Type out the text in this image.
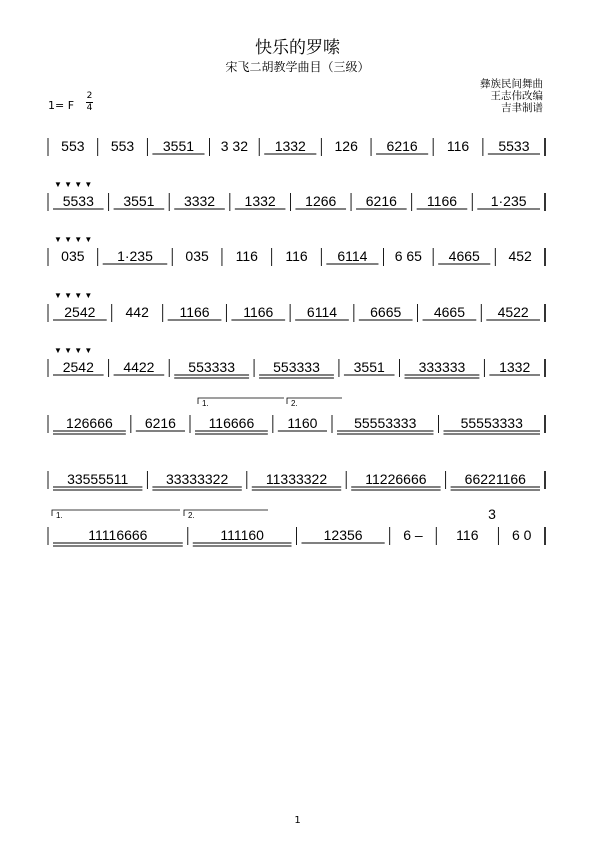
快乐的罗嗦
宋飞二胡教学曲目（三级）
彝族民间舞曲
王志伟改编
吉聿制谱
1= F
2
4
1
553 553 3551 3 32 1332 126 6216 116 5533
5533 3551 3332 1332 1266 6216 1166 1·235
▼ ▼ ▼ ▼
035 1·235 035 116 116 6114 6 65 4665 452
▼ ▼ ▼ ▼
2542 442 1166 1166 6114 6665 4665 4522
▼ ▼ ▼ ▼
2542 4422 553333	553333 3551 333333 1332
▼ ▼ ▼ ▼
126666 6216 116666 1160	55553333	55553333
33555511	33333322	11333322	11226666	66221166
11116666	111160	12356	6 – 116 6 0
1.	2.
1.	2.	3
